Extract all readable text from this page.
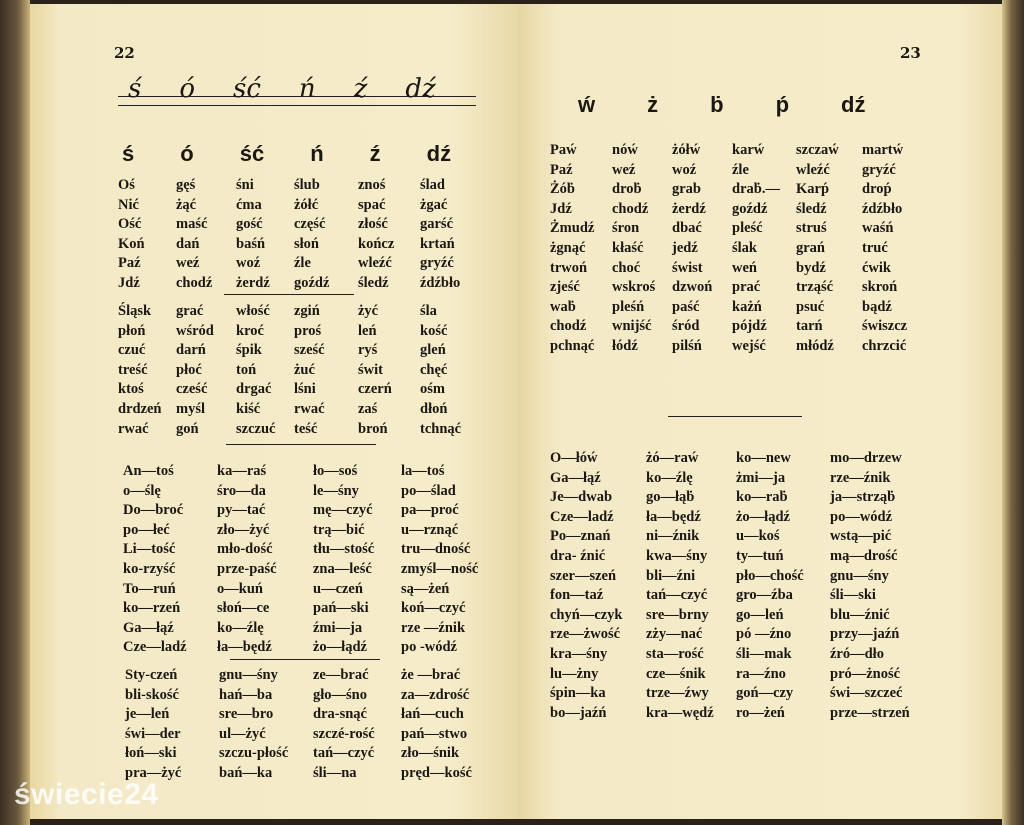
22
ś ó ść ń ź dź
ś ó ść ń ź dź
Oś	gęś	śni	ślub	znoś	ślad
Nić	żąć	ćma	żółć	spać	żgać
Ość	maść	gość	część	złość	garść
Koń	dań	baśń	słoń	kończ	krtań
Paź	weź	woź	źle	wleźć	gryźć
Jdź	chodź	żerdź	goźdź	śledź	źdźbło
Śląsk	grać	włość	zgiń	żyć	śla
płoń	wśród	kroć	proś	leń	kość
czuć	darń	śpik	sześć	ryś	gleń
treść	płoć	toń	żuć	świt	chęć
ktoś	cześć	drgać	lśni	czerń	ośm
drdzeń	myśl	kiść	rwać	zaś	dłoń
rwać	goń	szczuć	teść	broń	tchnąć
An—toś	ka—raś	ło—soś	la—toś
o—ślę	śro—da	le—śny	po—ślad
Do—broć	py—tać	mę—czyć	pa—proć
po—łeć	zło—żyć	trą—bić	u—rznąć
Li—tość	mło-dość	tłu—stość	tru—dność
ko-rzyść	prze-paść	zna—leść	zmyśl—ność
To—ruń	o—kuń	u—czeń	są—żeń
ko—rzeń	słoń—ce	pań—ski	koń—czyć
Ga—łąź	ko—źlę	źmi—ja	rze —źnik
Cze—ladź	ła—będź	żo—łądź	po -wódź
Sty-czeń	gnu—śny	ze—brać	że —brać
bli-skość	hań—ba	gło—śno	za—zdrość
je—leń	sre—bro	dra-snąć	łań—cuch
świ—der	ul—żyć	szczé-rość	pań—stwo
łoń—ski	szczu-płość	tań—czyć	zło—śnik
pra—żyć	bań—ka	śli—na	pręd—kość
23
ẃ ż ḃ ṕ dź
Paẃ	nóẃ	żółẃ	karẃ	szczaẃ	martẃ
Paź	weź	woź	źle	wleźć	gryźć
Żóḃ	droḃ	grab	draḃ.—	Karṕ	droṕ
Jdź	chodź	żerdź	goźdź	śledź	źdźbło
Żmudź	śron	dbać	pleść	struś	waśń
żgnąć	kłaść	jedź	ślak	grań	truć
trwoń	choć	świst	weń	bydź	ćwik
zjeść	wskroś	dzwoń	prać	trząść	skroń
waḃ	pleśń	paść	każń	psuć	bądź
chodź	wnijść	śród	pójdź	tarń	świszcz
pchnąć	łódź	pilśń	wejść	młódź	chrzcić
O—łóẃ	żó—raẃ	ko—new	mo—drzew
Ga—łąź	ko—źlę	żmi—ja	rze—źnik
Je—dwab	go—łąḃ	ko—raḃ	ja—strząḃ
Cze—ladź	ła—będź	żo—łądź	po—wódź
Po—znań	ni—źnik	u—koś	wstą—pić
dra- źnić	kwa—śny	ty—tuń	mą—drość
szer—szeń	bli—źni	pło—chość	gnu—śny
fon—taź	tań—czyć	gro—źba	śli—ski
chyń—czyk	sre—brny	go—leń	blu—źnić
rze—żwość	zży—nać	pó —źno	przy—jaźń
kra—śny	sta—rość	śli—mak	źró—dło
lu—żny	cze—śnik	ra—źno	pró—żność
śpin—ka	trze—źwy	goń—czy	świ—szczeć
bo—jaźń	kra—wędź	ro—żeń	prze—strzeń
świecie24
